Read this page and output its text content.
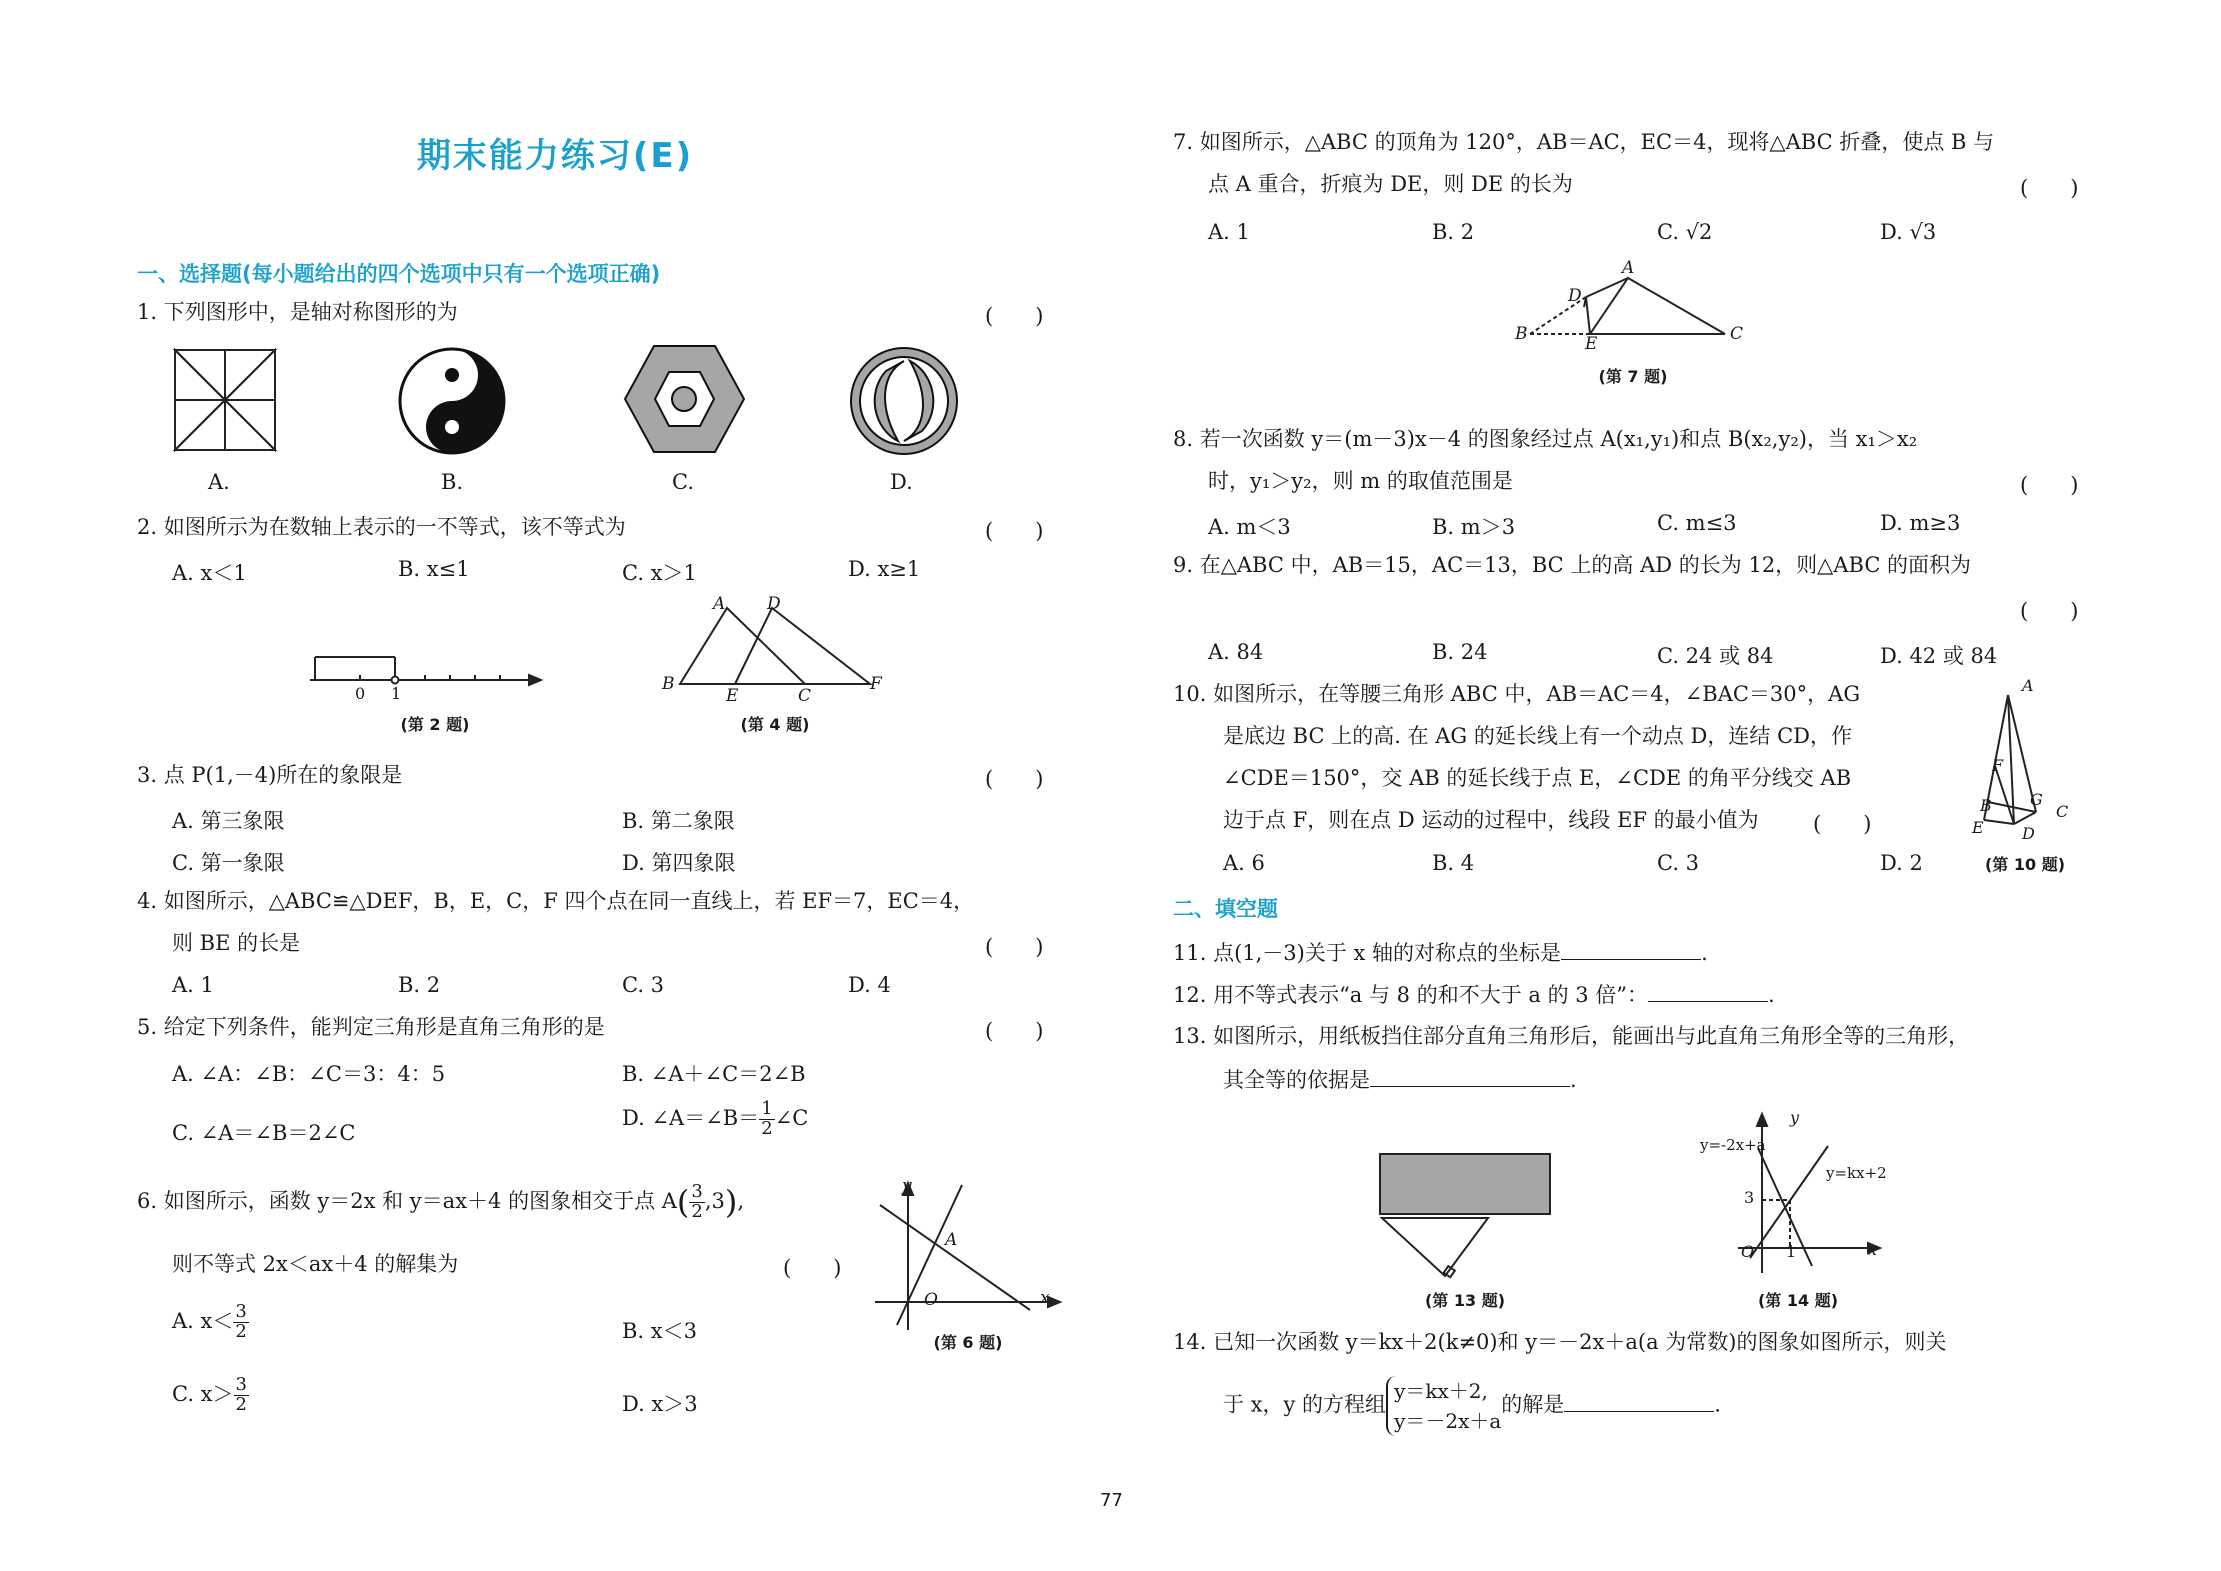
期末能力练习(E)
一、选择题(每小题给出的四个选项中只有一个选项正确)
1. 下列图形中，是轴对称图形的为	(　　)
A.	B.	C.	D.
2. 如图所示为在数轴上表示的一不等式，该不等式为	(　　)
A. x＜1	B. x≤1	C. x＞1	D. x≥1
0 1
(第 2 题)
A D
B
E	C
F
(第 4 题)
3. 点 P(1,－4)所在的象限是	(　　)
A. 第三象限	B. 第二象限
C. 第一象限	D. 第四象限
4. 如图所示，△ABC≌△DEF，B，E，C，F 四个点在同一直线上，若 EF＝7，EC＝4，
则 BE 的长是	(　　)
A. 1	B. 2	C. 3	D. 4
5. 给定下列条件，能判定三角形是直角三角形的是	(　　)
A. ∠A：∠B：∠C＝3：4：5	B. ∠A＋∠C＝2∠B
C. ∠A＝∠B＝2∠C
D. ∠A＝∠B＝ $\frac{1}{2}$ ∠C
6. 如图所示，函数 y＝2x 和 y＝ax＋4 的图象相交于点 $A( \frac{3}{2} ,3)$,
则不等式 2x＜ax＋4 的解集为	(　　)
A. $x< \frac{3}{2}$	B. x＜3
C. $x> \frac{3}{2}$	D. x＞3
y
A
O	x
(第 6 题)
7. 如图所示，△ABC 的顶角为 120°，AB＝AC，EC＝4，现将△ABC 折叠，使点 B 与
点 A 重合，折痕为 DE，则 DE 的长为	(　　)
A. 1	B. 2	C. √2	D. √3
A
D
B	E	C
(第 7 题)
8. 若一次函数 y＝(m－3)x－4 的图象经过点 A(x₁,y₁)和点 B(x₂,y₂)，当 x₁＞x₂
时，y₁＞y₂，则 m 的取值范围是	(　　)
A. m＜3	B. m＞3	C. m≤3	D. m≥3
9. 在△ABC 中，AB＝15，AC＝13，BC 上的高 AD 的长为 12，则△ABC 的面积为
(　　)
A. 84	B. 24	C. 24 或 84	D. 42 或 84
10. 如图所示，在等腰三角形 ABC 中，AB＝AC＝4，∠BAC＝30°，AG
是底边 BC 上的高. 在 AG 的延长线上有一个动点 D，连结 CD，作
∠CDE＝150°，交 AB 的延长线于点 E，∠CDE 的角平分线交 AB
边于点 F，则在点 D 运动的过程中，线段 EF 的最小值为	(　　)
A. 6	B. 4	C. 3	D. 2
A
F
G
B	C
E D
(第 10 题)
二、填空题
11. 点(1,－3)关于 x 轴的对称点的坐标是	.
12. 用不等式表示“a 与 8 的和不大于 a 的 3 倍”：	.
13. 如图所示，用纸板挡住部分直角三角形后，能画出与此直角三角形全等的三角形，
其全等的依据是	.
(第 13 题)
y
y=-2x+a
y=kx+2
3
O 1	x
(第 14 题)
14. 已知一次函数 y＝kx＋2(k≠0)和 y＝－2x＋a(a 为常数)的图象如图所示，则关
于 x，y 的方程组
y＝kx＋2,
y＝－2x＋a
的解是	.
77
